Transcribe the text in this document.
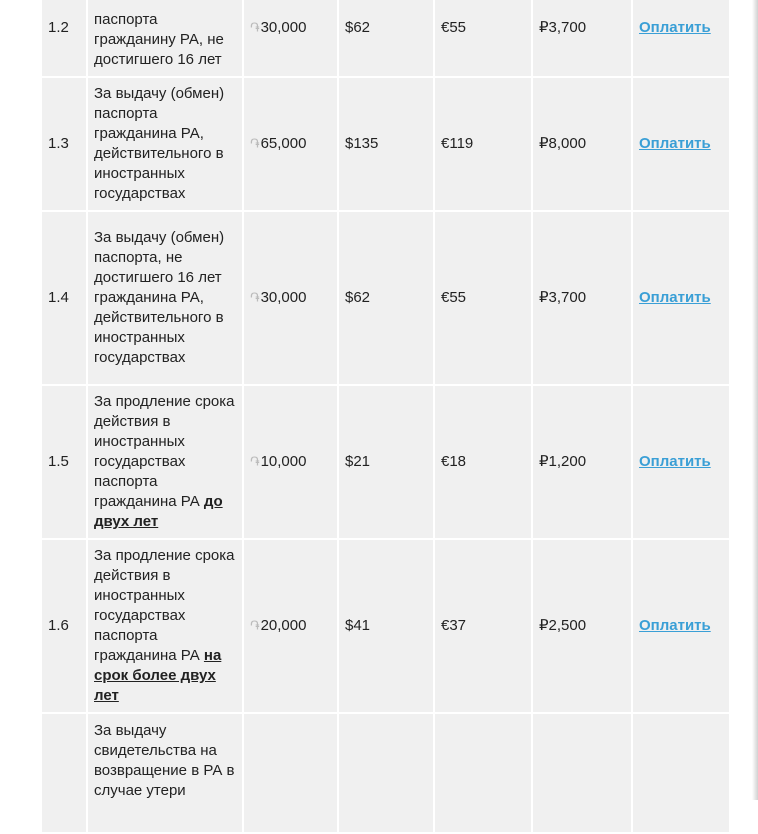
1.2	паспорта гражданину РА, не достигшего 16 лет	֏30,000	$62	€55	₽3,700	Оплатить
1.3	За выдачу (обмен) паспорта гражданина РА, действительного в иностранных государствах	֏65,000	$135	€119	₽8,000	Оплатить
1.4	За выдачу (обмен) паспорта, не достигшего 16 лет гражданина РА, действительного в иностранных государствах	֏30,000	$62	€55	₽3,700	Оплатить
1.5	За продление срока действия в иностранных государствах паспорта гражданина РА до двух лет	֏10,000	$21	€18	₽1,200	Оплатить
1.6	За продление срока действия в иностранных государствах паспорта гражданина РА на срок более двух лет	֏20,000	$41	€37	₽2,500	Оплатить
	За выдачу свидетельства на возвращение в РА в случае утери					
